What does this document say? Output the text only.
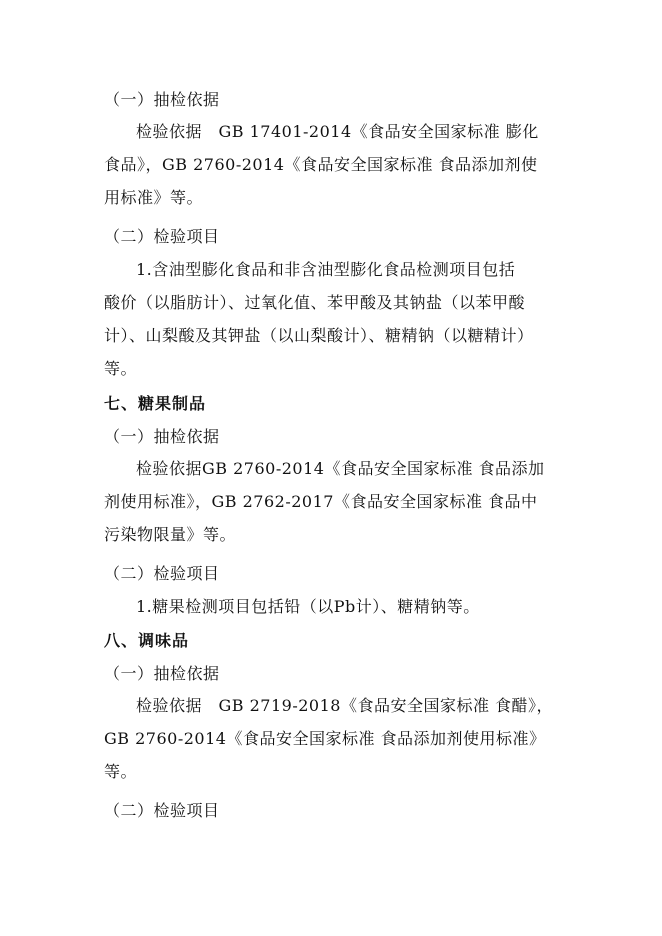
（一）抽检依据
检验依据　GB 17401-2014《食品安全国家标准 膨化
食品》，GB 2760-2014《食品安全国家标准 食品添加剂使
用标准》等。
（二）检验项目
1.含油型膨化食品和非含油型膨化食品检测项目包括
酸价（以脂肪计）、过氧化值、苯甲酸及其钠盐（以苯甲酸
计）、山梨酸及其钾盐（以山梨酸计）、糖精钠（以糖精计）
等。
七、糖果制品
（一）抽检依据
检验依据GB 2760-2014《食品安全国家标准 食品添加
剂使用标准》，GB 2762-2017《食品安全国家标准 食品中
污染物限量》等。
（二）检验项目
1.糖果检测项目包括铅（以Pb计）、糖精钠等。
八、调味品
（一）抽检依据
检验依据　GB 2719-2018《食品安全国家标准 食醋》，
GB 2760-2014《食品安全国家标准 食品添加剂使用标准》
等。
（二）检验项目
